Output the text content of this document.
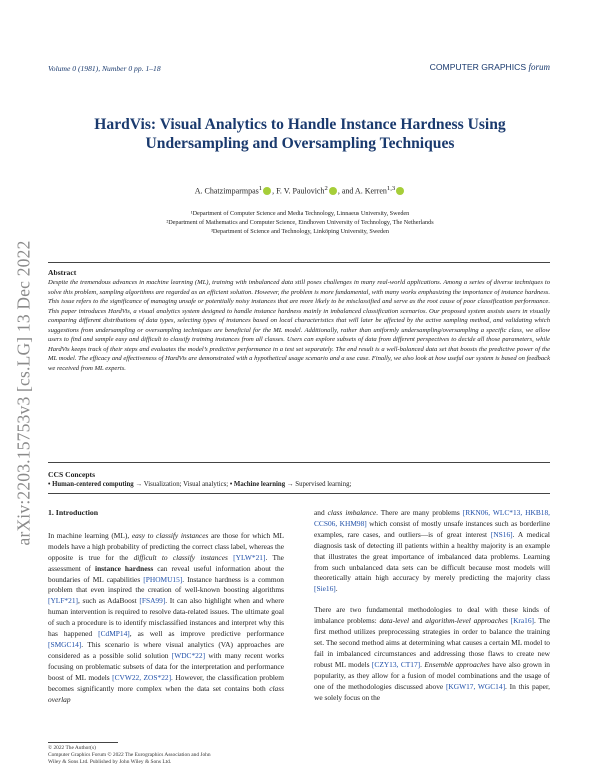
Volume 0 (1981), Number 0 pp. 1–18	COMPUTER GRAPHICS forum
arXiv:2203.15753v3 [cs.LG] 13 Dec 2022
HardVis: Visual Analytics to Handle Instance Hardness Using
Undersampling and Oversampling Techniques
A. Chatzimparmpas$^1$ , F. V. Paulovich$^2$ , and A. Kerren$^{1,3}$
¹Department of Computer Science and Media Technology, Linnaeus University, Sweden
²Department of Mathematics and Computer Science, Eindhoven University of Technology, The Netherlands
³Department of Science and Technology, Linköping University, Sweden
Abstract
Despite the tremendous advances in machine learning (ML), training with imbalanced data still poses challenges in many real-world applications. Among a series of diverse techniques to solve this problem, sampling algorithms are regarded as an efficient solution. However, the problem is more fundamental, with many works emphasizing the importance of instance hardness. This issue refers to the significance of managing unsafe or potentially noisy instances that are more likely to be misclassified and serve as the root cause of poor classification performance. This paper introduces HardVis, a visual analytics system designed to handle instance hardness mainly in imbalanced classification scenarios. Our proposed system assists users in visually comparing different distributions of data types, selecting types of instances based on local characteristics that will later be affected by the active sampling method, and validating which suggestions from undersampling or oversampling techniques are beneficial for the ML model. Additionally, rather than uniformly undersampling/oversampling a specific class, we allow users to find and sample easy and difficult to classify training instances from all classes. Users can explore subsets of data from different perspectives to decide all those parameters, while HardVis keeps track of their steps and evaluates the model’s predictive performance in a test set separately. The end result is a well-balanced data set that boosts the predictive power of the ML model. The efficacy and effectiveness of HardVis are demonstrated with a hypothetical usage scenario and a use case. Finally, we also look at how useful our system is based on feedback we received from ML experts.
CCS Concepts
• Human-centered computing → Visualization; Visual analytics; • Machine learning → Supervised learning;
1. Introduction

In machine learning (ML), easy to classify instances are those for which ML models have a high probability of predicting the correct class label, whereas the opposite is true for the difficult to classify instances [YLW*21]. The assessment of instance hardness can reveal useful information about the boundaries of ML capabilities [PHOMU15]. Instance hardness is a common problem that even inspired the creation of well-known boosting algorithms [YLF*21], such as AdaBoost [FSA99]. It can also highlight when and where human intervention is required to resolve data-related issues. The ultimate goal of such a procedure is to identify misclassified instances and interpret why this has happened [CdMP14], as well as improve predictive performance [SMGC14]. This scenario is where visual analytics (VA) approaches are considered as a possible solid solution [WDC*22] with many recent works focusing on problematic subsets of data for the interpretation and performance boost of ML models [CVW22, ZOS*22]. However, the classification problem becomes significantly more complex when the data set contains both class overlap

and class imbalance. There are many problems [RKN06, WLC*13, HKB18, CCS06, KHM98] which consist of mostly unsafe instances such as borderline examples, rare cases, and outliers—is of great interest [NS16]. A medical diagnosis task of detecting ill patients within a healthy majority is an example that illustrates the great importance of imbalanced data problems. Learning from such unbalanced data sets can be difficult because most models will theoretically attain high accuracy by merely predicting the majority class [Sie16].

There are two fundamental methodologies to deal with these kinds of imbalance problems: data-level and algorithm-level approaches [Kra16]. The first method utilizes preprocessing strategies in order to balance the training set. The second method aims at determining what causes a certain ML model to fail in imbalanced circumstances and addressing those flaws to create new robust ML models [CZY13, CT17]. Ensemble approaches have also grown in popularity, as they allow for a fusion of model combinations and the usage of one of the methodologies discussed above [KGW17, WGC14]. In this paper, we solely focus on the

© 2022 The Author(s)
Computer Graphics Forum © 2022 The Eurographics Association and John
Wiley & Sons Ltd. Published by John Wiley & Sons Ltd.
